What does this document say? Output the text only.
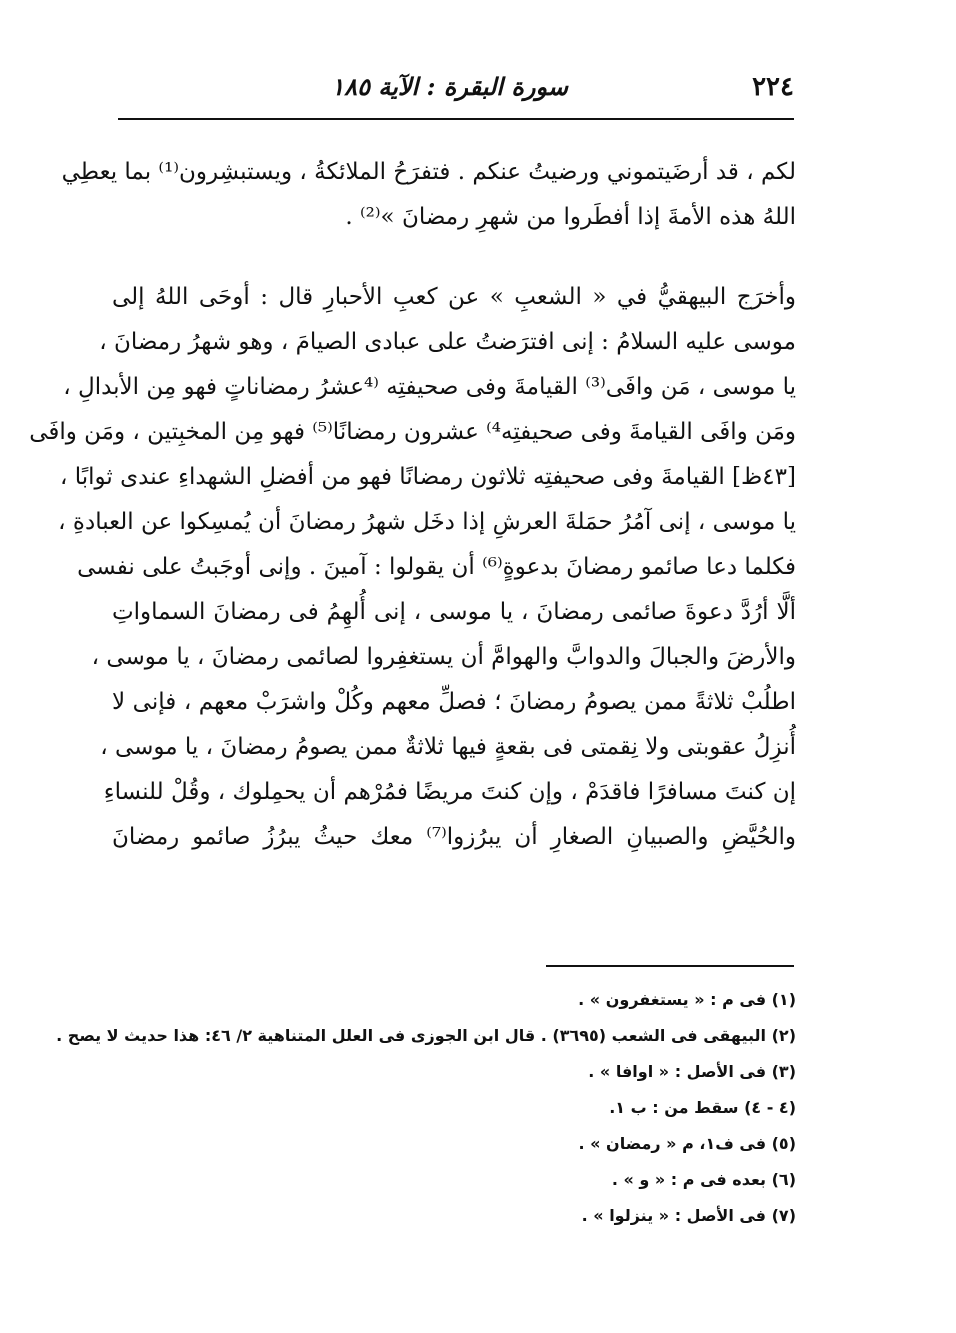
٢٢٤
سورة البقرة : الآية ١٨٥
لكم ، قد أرضَيتموني ورضيتُ عنكم . فتفرَحُ الملائكةُ ، ويستبشِرون⁽¹⁾ بما يعطِي
اللهُ هذه الأمةَ إذا أفطَروا من شهرِ رمضانَ »⁽²⁾ .
وأخرَج البيهقيُّ في « الشعبِ » عن كعبِ الأحبارِ قال : أوحَى اللهُ إلى
موسى عليه السلامُ : إنى افترَضتُ على عبادى الصيامَ ، وهو شهرُ رمضانَ ،
يا موسى ، مَن وافَى⁽³⁾ القيامةَ وفى صحيفتِه ⁽⁴عشرُ رمضاناتٍ فهو مِن الأبدالِ ،
ومَن وافَى القيامةَ وفى صحيفتِه⁴⁾ عشرون رمضانًا⁽⁵⁾ فهو مِن المخبِتين ، ومَن وافَى
[٤٣ظ] القيامةَ وفى صحيفتِه ثلاثون رمضانًا فهو من أفضلِ الشهداءِ عندى ثوابًا ،
يا موسى ، إنى آمُرُ حمَلةَ العرشِ إذا دخَل شهرُ رمضانَ أن يُمسِكوا عن العبادةِ ،
فكلما دعا صائمو رمضانَ بدعوةٍ⁽⁶⁾ أن يقولوا : آمينَ . وإنى أوجَبتُ على نفسى
ألَّا أرُدَّ دعوةَ صائمى رمضانَ ، يا موسى ، إنى أُلهِمُ فى رمضانَ السماواتِ
والأرضَ والجبالَ والدوابَّ والهوامَّ أن يستغفِروا لصائمى رمضانَ ، يا موسى ،
اطلُبْ ثلاثةً ممن يصومُ رمضانَ ؛ فصلِّ معهم وكُلْ واشرَبْ معهم ، فإنى لا
أُنزِلُ عقوبتى ولا نِقمتى فى بقعةٍ فيها ثلاثةٌ ممن يصومُ رمضانَ ، يا موسى ،
إن كنتَ مسافرًا فاقدَمْ ، وإن كنتَ مريضًا فمُرْهم أن يحمِلوك ، وقُلْ للنساءِ
والحُيَّضِ والصبيانِ الصغارِ أن يبرُزوا⁽⁷⁾ معك حيثُ يبرُزُ صائمو رمضانَ
(١) فى م : « يستغفرون » .
(٢) البيهقى فى الشعب (٣٦٩٥) . قال ابن الجوزى فى العلل المتناهية ٢/ ٤٦: هذا حديث لا يصح .
(٣) فى الأصل : « اوافا » .
(٤ - ٤) سقط من : ب ١.
(٥) فى ف١، م « رمضان » .
(٦) بعده فى م : « و » .
(٧) فى الأصل : « ينزلوا » .
